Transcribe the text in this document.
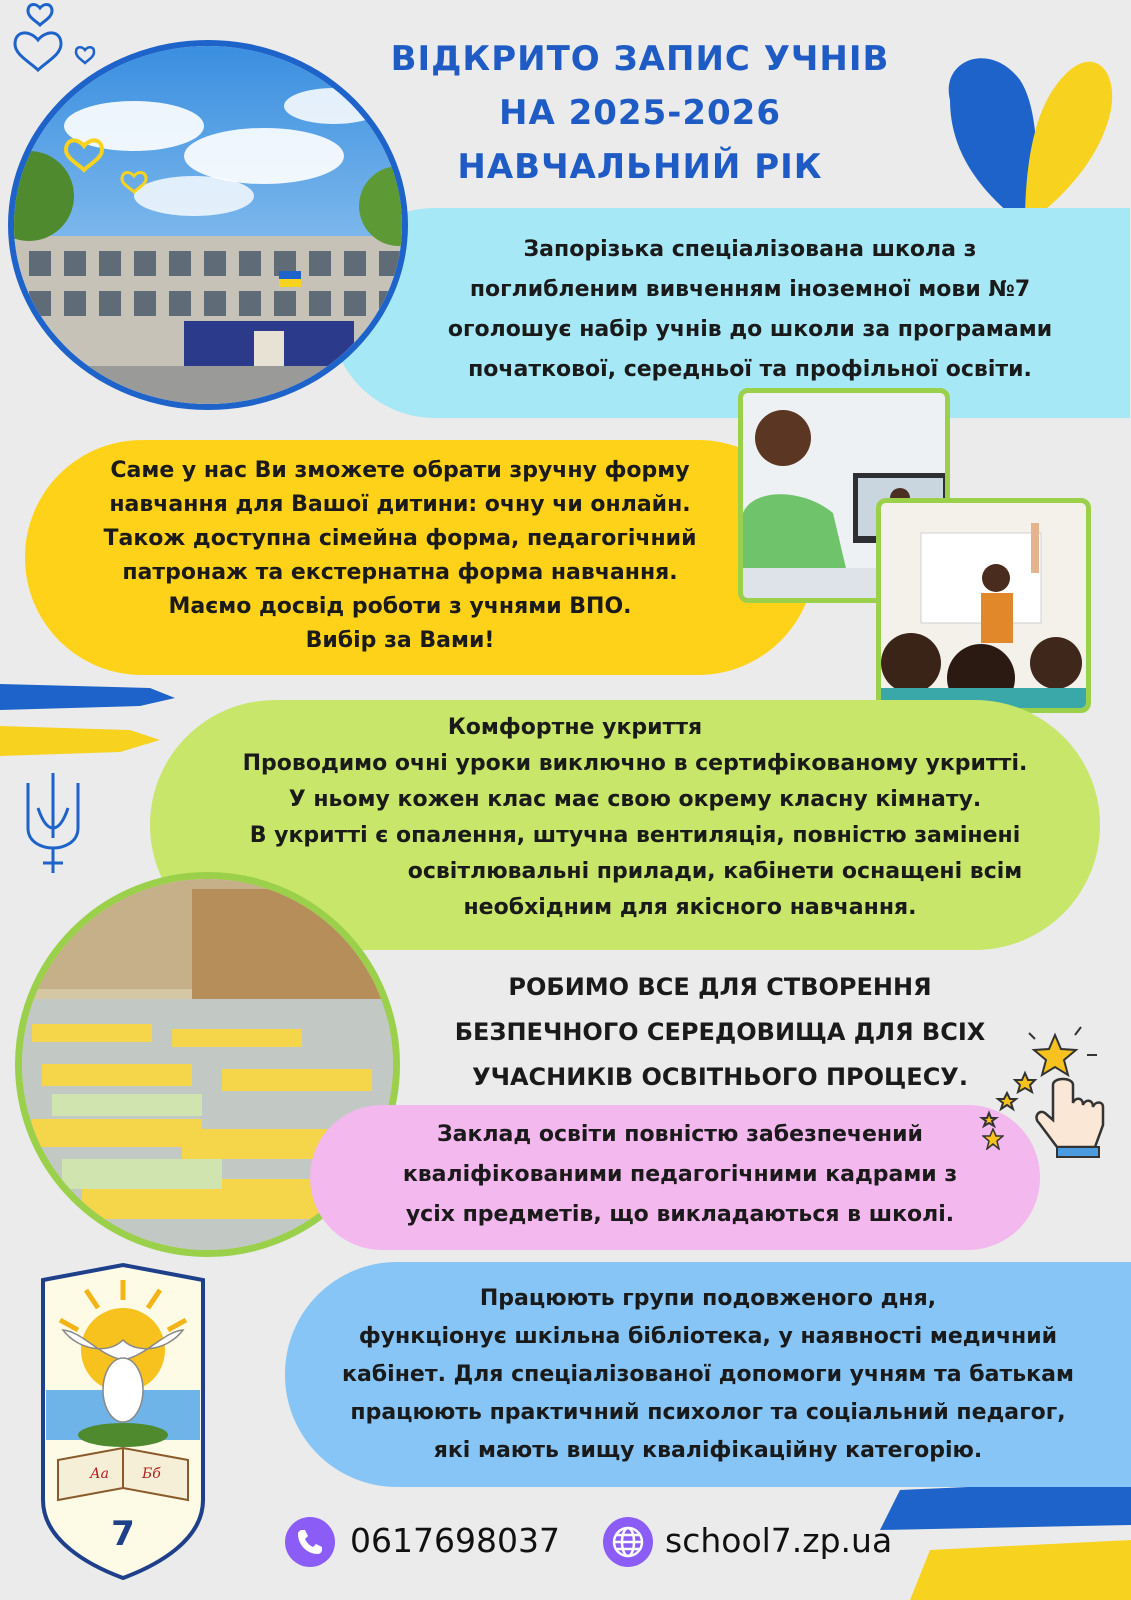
ВІДКРИТО ЗАПИС УЧНІВ
НА 2025-2026
НАВЧАЛЬНИЙ РІК
Запорізька спеціалізована школа з
поглибленим вивченням іноземної мови №7
оголошує набір учнів до школи за програмами
початкової, середньої та профільної освіти.
Саме у нас Ви зможете обрати зручну форму
навчання для Вашої дитини: очну чи онлайн.
Також доступна сімейна форма, педагогічний
патронаж та екстернатна форма навчання.
Маємо досвід роботи з учнями ВПО.
Вибір за Вами!
Комфортне укриття
Проводимо очні уроки виключно в сертифікованому укритті.
У ньому кожен клас має свою окрему класну кімнату.
В укритті є опалення, штучна вентиляція, повністю замінені
освітлювальні прилади, кабінети оснащені всім
необхідним для якісного навчання.
РОБИМО ВСЕ ДЛЯ СТВОРЕННЯ
БЕЗПЕЧНОГО СЕРЕДОВИЩА ДЛЯ ВСІХ
УЧАСНИКІВ ОСВІТНЬОГО ПРОЦЕСУ.
Заклад освіти повністю забезпечений
кваліфікованими педагогічними кадрами з
усіх предметів, що викладаються в школі.
Працюють групи подовженого дня,
функціонує шкільна бібліотека, у наявності медичний
кабінет. Для спеціалізованої допомоги учням та батькам
працюють практичний психолог та соціальний педагог,
які мають вищу кваліфікаційну категорію.
Аа Бб
7	0617698037	school7.zp.ua
